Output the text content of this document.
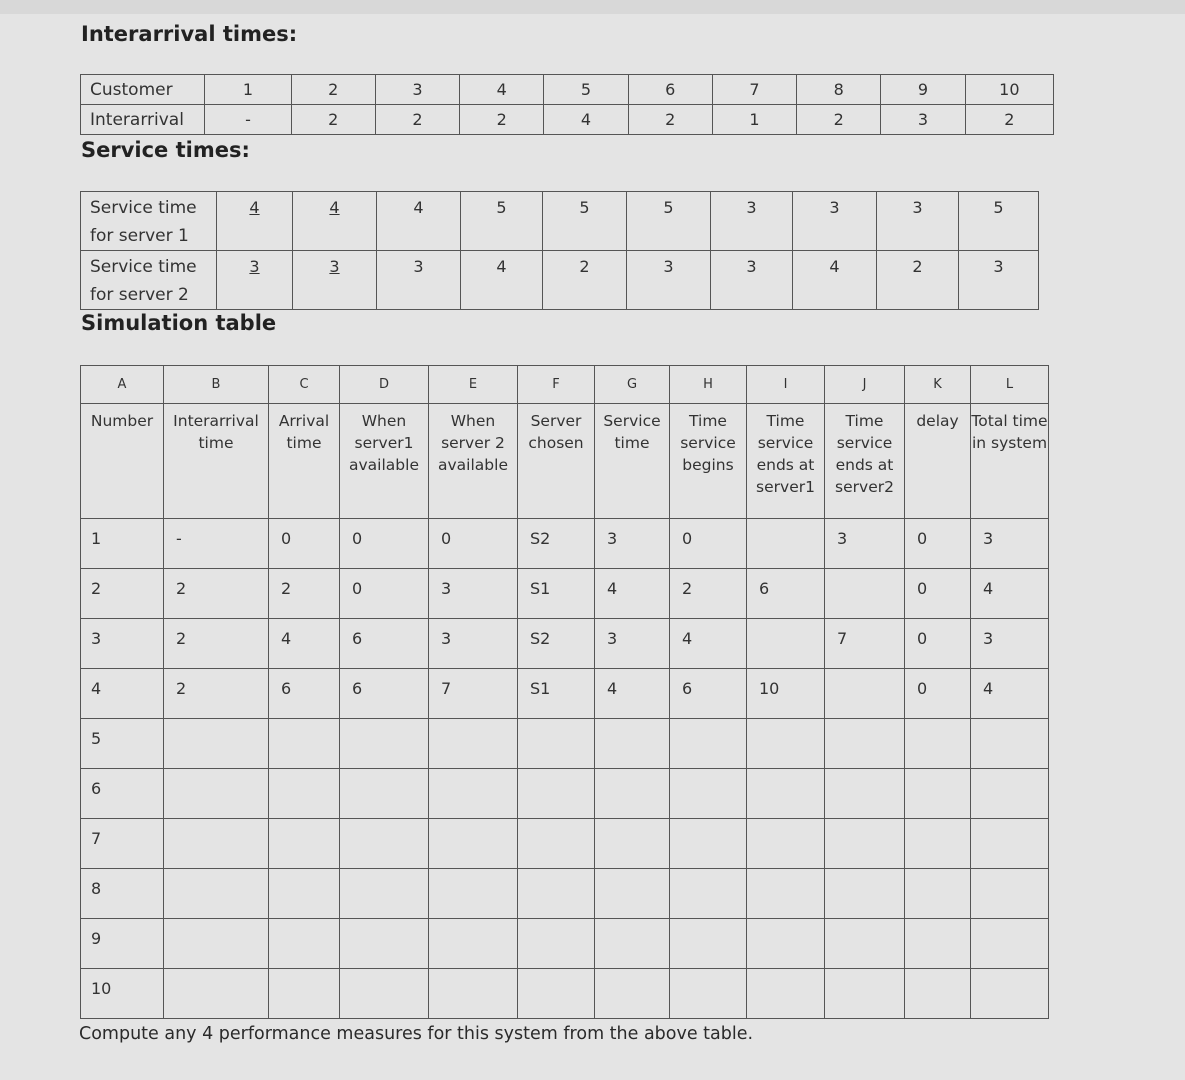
Interarrival times:
Customer	1	2	3	4	5	6	7	8	9	10
Interarrival	-	2	2	2	4	2	1	2	3	2
Service times:
Service time for server 1	4	4	4	5	5	5	3	3	3	5
Service time for server 2	3	3	3	4	2	3	3	4	2	3
Simulation table
A	B	C	D	E	F	G	H	I	J	K	L
Number	Interarrival time	Arrival time	When server1 available	When server 2 available	Server chosen	Service time	Time service begins	Time service ends at server1	Time service ends at server2	delay	Total time in system
1	-	0	0	0	S2	3	0		3	0	3
2	2	2	0	3	S1	4	2	6		0	4
3	2	4	6	3	S2	3	4		7	0	3
4	2	6	6	7	S1	4	6	10		0	4
5											
6											
7											
8											
9											
10											

Compute any 4 performance measures for this system from the above table.
